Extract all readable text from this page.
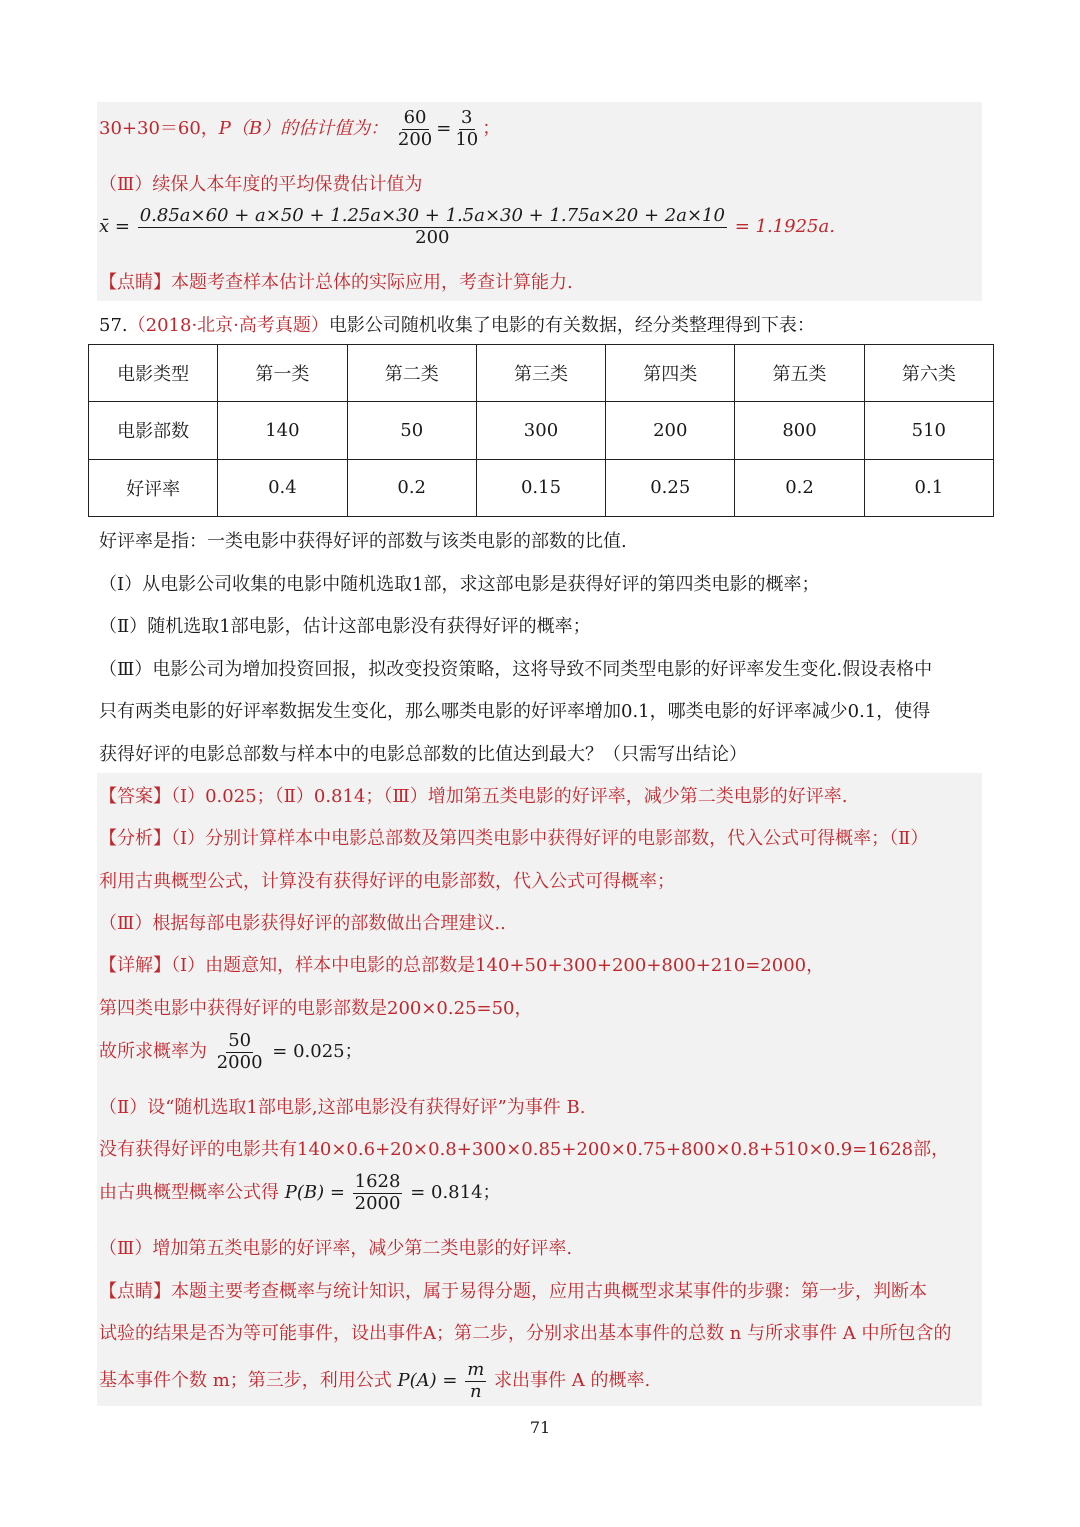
30+30＝60，P（B）的估计值为： $\frac{60}{200} = \frac{3}{10}$ ；
（Ⅲ）续保人本年度的平均保费估计值为
x̄ = $\frac{0.85a\times 60 + a\times 50 + 1.25a\times 30 + 1.5a\times 30 + 1.75a\times 20 + 2a\times 10}{200} = 1.1925a$.
【点睛】本题考查样本估计总体的实际应用，考查计算能力.
57.（2018·北京·高考真题）电影公司随机收集了电影的有关数据，经分类整理得到下表：
电影类型	第一类	第二类	第三类	第四类	第五类	第六类
电影部数	140	50	300	200	800	510
好评率	0.4	0.2	0.15	0.25	0.2	0.1
好评率是指：一类电影中获得好评的部数与该类电影的部数的比值.
（Ⅰ）从电影公司收集的电影中随机选取1部，求这部电影是获得好评的第四类电影的概率；
（Ⅱ）随机选取1部电影，估计这部电影没有获得好评的概率；
（Ⅲ）电影公司为增加投资回报，拟改变投资策略，这将导致不同类型电影的好评率发生变化.假设表格中
只有两类电影的好评率数据发生变化，那么哪类电影的好评率增加0.1，哪类电影的好评率减少0.1，使得
获得好评的电影总部数与样本中的电影总部数的比值达到最大？（只需写出结论）
【答案】（Ⅰ）0.025；（Ⅱ）0.814；（Ⅲ）增加第五类电影的好评率，减少第二类电影的好评率.
【分析】（Ⅰ）分别计算样本中电影总部数及第四类电影中获得好评的电影部数，代入公式可得概率；（Ⅱ）
利用古典概型公式，计算没有获得好评的电影部数，代入公式可得概率；
（Ⅲ）根据每部电影获得好评的部数做出合理建议..
【详解】（Ⅰ）由题意知，样本中电影的总部数是140+50+300+200+800+210=2000，
第四类电影中获得好评的电影部数是200×0.25=50，
故所求概率为 $\frac{50}{2000} = 0.025$；
（Ⅱ）设“随机选取1部电影,这部电影没有获得好评”为事件 B.
没有获得好评的电影共有140×0.6+20×0.8+300×0.85+200×0.75+800×0.8+510×0.9=1628部，
由古典概型概率公式得 $P(B) = \frac{1628}{2000} = 0.814$；
（Ⅲ）增加第五类电影的好评率，减少第二类电影的好评率.
【点睛】本题主要考查概率与统计知识，属于易得分题，应用古典概型求某事件的步骤：第一步，判断本
试验的结果是否为等可能事件，设出事件A；第二步，分别求出基本事件的总数 n 与所求事件 A 中所包含的
基本事件个数 m；第三步，利用公式 $P(A) = \frac{m}{n}$ 求出事件 A 的概率.
71
